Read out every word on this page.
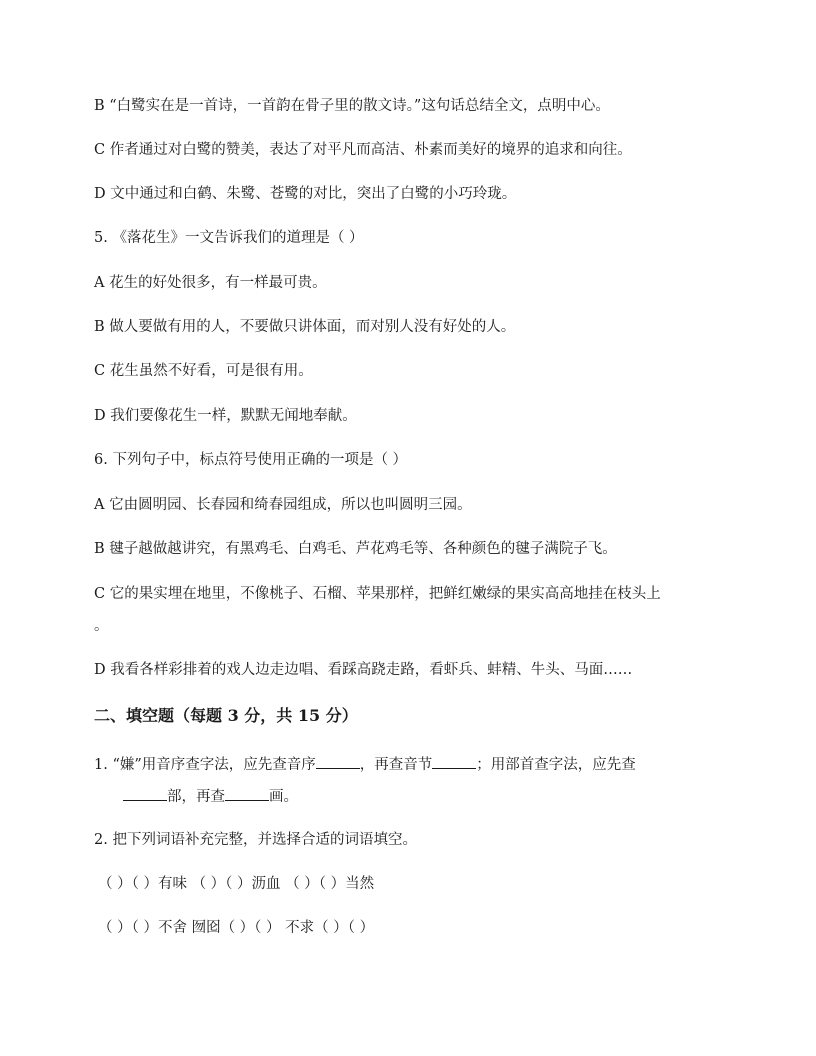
B “白鹭实在是一首诗，一首韵在骨子里的散文诗。”这句话总结全文，点明中心。
C 作者通过对白鹭的赞美，表达了对平凡而高洁、朴素而美好的境界的追求和向往。
D 文中通过和白鹤、朱鹭、苍鹭的对比，突出了白鹭的小巧玲珑。
5. 《落花生》一文告诉我们的道理是（ ）
A 花生的好处很多，有一样最可贵。
B 做人要做有用的人，不要做只讲体面，而对别人没有好处的人。
C 花生虽然不好看，可是很有用。
D 我们要像花生一样，默默无闻地奉献。
6. 下列句子中，标点符号使用正确的一项是（ ）
A 它由圆明园、长春园和绮春园组成，所以也叫圆明三园。
B 毽子越做越讲究，有黑鸡毛、白鸡毛、芦花鸡毛等、各种颜色的毽子满院子飞。
C 它的果实埋在地里，不像桃子、石榴、苹果那样，把鲜红嫩绿的果实高高地挂在枝头上
。
D 我看各样彩排着的戏人边走边唱、看踩高跷走路，看虾兵、蚌精、牛头、马面……
二、填空题（每题 3 分，共 15 分）
1. “嫌”用音序查字法，应先查音序	，再查音节	；用部首查字法，应先查
部，再查	画。
2. 把下列词语补充完整，并选择合适的词语填空。
（ ）（ ）有味 （ ）（ ）沥血 （ ）（ ）当然
（ ）（ ）不舍 囫囵（ ）（ ） 不求（ ）（ ）
